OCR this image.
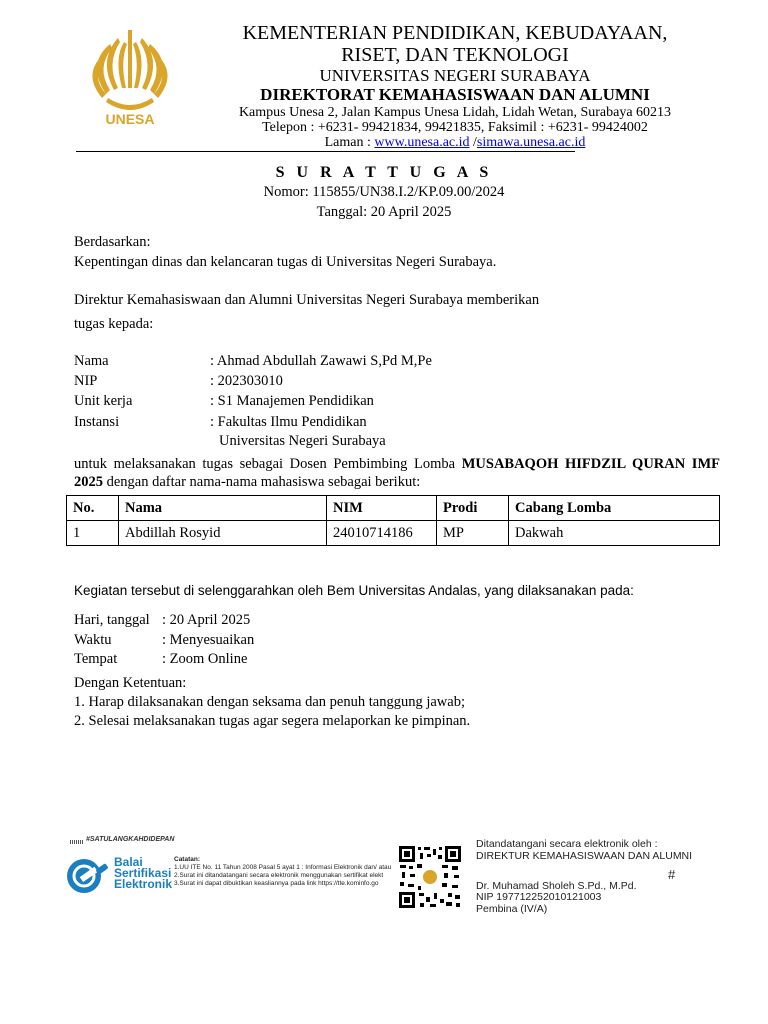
UNESA
KEMENTERIAN PENDIDIKAN, KEBUDAYAAN,
RISET, DAN TEKNOLOGI
UNIVERSITAS NEGERI SURABAYA
DIREKTORAT KEMAHASISWAAN DAN ALUMNI
Kampus Unesa 2, Jalan Kampus Unesa Lidah, Lidah Wetan, Surabaya 60213
Telepon : +6231- 99421834, 99421835, Faksimil : +6231- 99424002
Laman : www.unesa.ac.id /simawa.unesa.ac.id
S U R A T T U G A S
Nomor: 115855/UN38.I.2/KP.09.00/2024
Tanggal: 20 April 2025
Berdasarkan:
Kepentingan dinas dan kelancaran tugas di Universitas Negeri Surabaya.
Direktur Kemahasiswaan dan Alumni Universitas Negeri Surabaya memberikan
tugas kepada:
Nama	: Ahmad Abdullah Zawawi S,Pd M,Pe
NIP	: 202303010
Unit kerja	: S1 Manajemen Pendidikan
Instansi	: Fakultas Ilmu Pendidikan
Universitas Negeri Surabaya
untuk melaksanakan tugas sebagai Dosen Pembimbing Lomba MUSABAQOH HIFDZIL QURAN IMF 2025 dengan daftar nama-nama mahasiswa sebagai berikut:
No.	Nama	NIM	Prodi	Cabang Lomba
1	Abdillah Rosyid	24010714186	MP	Dakwah
Kegiatan tersebut di selenggarahkan oleh Bem Universitas Andalas, yang dilaksanakan pada:
Hari, tanggal : 20 April 2025
Waktu	: Menyesuaikan
Tempat	: Zoom Online
Dengan Ketentuan:
1. Harap dilaksanakan dengan seksama dan penuh tanggung jawab;
2. Selesai melaksanakan tugas agar segera melaporkan ke pimpinan.
#SATULANGKAHDIDEPAN
Balai
Sertifikasi
Elektronik
Catatan:
1.UU ITE No. 11 Tahun 2008 Pasal 5 ayat 1 : Informasi Elektronik dan/ atau
2.Surat ini ditandatangani secara elektronik menggunakan sertifikat elekt
3.Surat ini dapat dibuktikan keasliannya pada link https://tte.kominfo.go
Ditandatangani secara elektronik oleh :
DIREKTUR KEMAHASISWAAN DAN ALUMNI
#
Dr. Muhamad Sholeh S.Pd., M.Pd.
NIP 197712252010121003
Pembina (IV/A)
